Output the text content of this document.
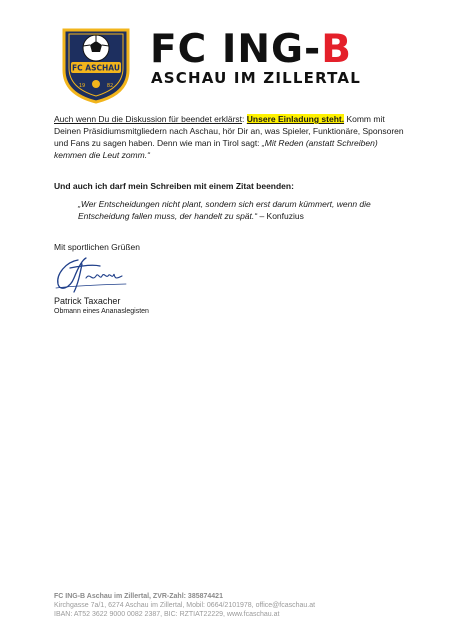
FC ASCHAU
19	82
FC ING-B
ASCHAU IM ZILLERTAL

Auch wenn Du die Diskussion für beendet erklärst: Unsere Einladung steht. Komm mit Deinen Präsidiumsmitgliedern nach Aschau, hör Dir an, was Spieler, Funktionäre, Sponsoren und Fans zu sagen haben. Denn wie man in Tirol sagt: „Mit Reden (anstatt Schreiben) kemmen die Leut zomm.“

Und auch ich darf mein Schreiben mit einem Zitat beenden:

„Wer Entscheidungen nicht plant, sondern sich erst darum kümmert, wenn die Entscheidung fallen muss, der handelt zu spät.“ – Konfuzius

Mit sportlichen Grüßen

Patrick Taxacher

Obmann eines Ananaslegisten

FC ING-B Aschau im Zillertal, ZVR-Zahl: 385874421
Kirchgasse 7a/1, 6274 Aschau im Zillertal, Mobil: 0664/2101978, office@fcaschau.at
IBAN: AT52 3622 9000 0082 2387, BIC: RZTIAT22229, www.fcaschau.at
